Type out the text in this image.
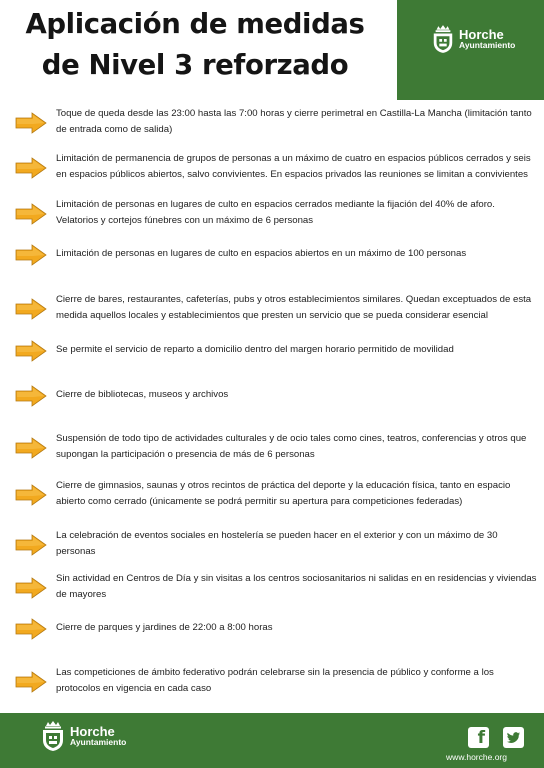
Aplicación de medidas
de Nivel 3 reforzado
Horche
Ayuntamiento
Toque de queda desde las 23:00 hasta las 7:00 horas y cierre perimetral en Castilla-La Mancha (limitación tanto de entrada como de salida)
Limitación de permanencia de grupos de personas a un máximo de cuatro en espacios públicos cerrados y seis en espacios públicos abiertos, salvo convivientes. En espacios privados las reuniones se limitan a convivientes
Limitación de personas en lugares de culto en espacios cerrados mediante la fijación del 40% de aforo. Velatorios y cortejos fúnebres con un máximo de 6 personas
Limitación de personas en lugares de culto en espacios abiertos en un máximo de 100 personas
Cierre de bares, restaurantes, cafeterías, pubs y otros establecimientos similares. Quedan exceptuados de esta medida aquellos locales y establecimientos que presten un servicio que se pueda considerar esencial
Se permite el servicio de reparto a domicilio dentro del margen horario permitido de movilidad
Cierre de bibliotecas, museos y archivos
Suspensión de todo tipo de actividades culturales y de ocio tales como cines, teatros, conferencias y otros que supongan la participación o presencia de más de 6 personas
Cierre de gimnasios, saunas y otros recintos de práctica del deporte y la educación física, tanto en espacio abierto como cerrado (únicamente se podrá permitir su apertura para competiciones federadas)
La celebración de eventos sociales en hostelería se pueden hacer en el exterior y con un máximo de 30 personas
Sin actividad en Centros de Día y sin visitas a los centros sociosanitarios ni salidas en en residencias y viviendas de mayores
Cierre de parques y jardines de 22:00 a 8:00 horas
Las competiciones de ámbito federativo podrán celebrarse sin la presencia de público y conforme a los protocolos en vigencia en cada caso
Horche
Ayuntamiento	f
www.horche.org
